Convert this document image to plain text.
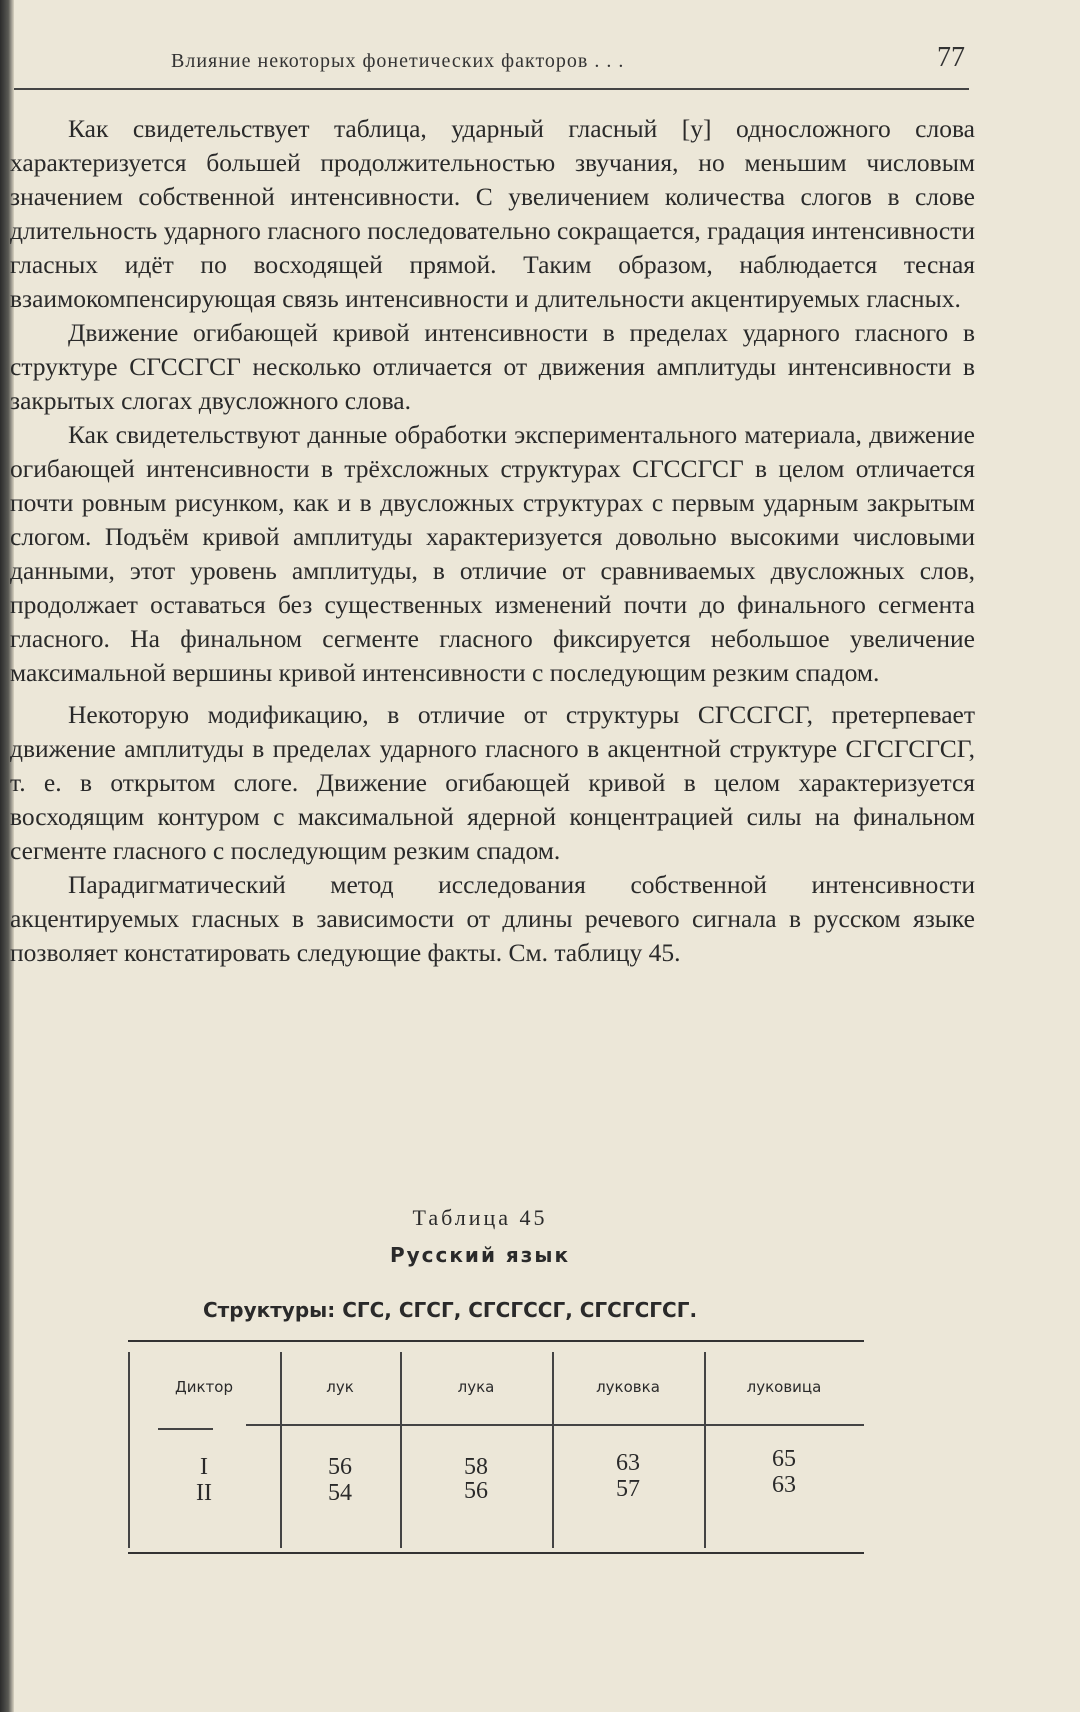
Влияние некоторых фонетических факторов . . .	77

Как свидетельствует таблица, ударный гласный [у] односложного слова характеризуется большей продолжительностью звучания, но меньшим числовым значением собственной интенсивности. С увеличением количества слогов в слове длительность ударного гласного последовательно сокращается, градация интенсивности гласных идёт по восходящей прямой. Таким образом, наблюдается тесная взаимокомпенсирующая связь интенсивности и длительности акцентируемых гласных.

Движение огибающей кривой интенсивности в пределах ударного гласного в структуре СГССГСГ несколько отличается от движения амплитуды интенсивности в закрытых слогах двусложного слова.

Как свидетельствуют данные обработки экспериментального материала, движение огибающей интенсивности в трёхсложных структурах СГССГСГ в целом отличается почти ровным рисунком, как и в двусложных структурах с первым ударным закрытым слогом. Подъём кривой амплитуды характеризуется довольно высокими числовыми данными, этот уровень амплитуды, в отличие от сравниваемых двусложных слов, продолжает оставаться без существенных изменений почти до финального сегмента гласного. На финальном сегменте гласного фиксируется небольшое увеличение максимальной вершины кривой интенсивности с последующим резким спадом.

Некоторую модификацию, в отличие от структуры СГССГСГ, претерпевает движение амплитуды в пределах ударного гласного в акцентной структуре СГСГСГСГ, т. е. в открытом слоге. Движение огибающей кривой в целом характеризуется восходящим контуром с максимальной ядерной концентрацией силы на финальном сегменте гласного с последующим резким спадом.

Парадигматический метод исследования собственной интенсивности акцентируемых гласных в зависимости от длины речевого сигнала в русском языке позволяет констатировать следующие факты. См. таблицу 45.

Таблица 45
Русский язык
Структуры: СГС, СГСГ, СГСГССГ, СГСГСГСГ.
Диктор	лук	лука	луковка	луковица
I	56	58	63	65
II	54	56	57	63
